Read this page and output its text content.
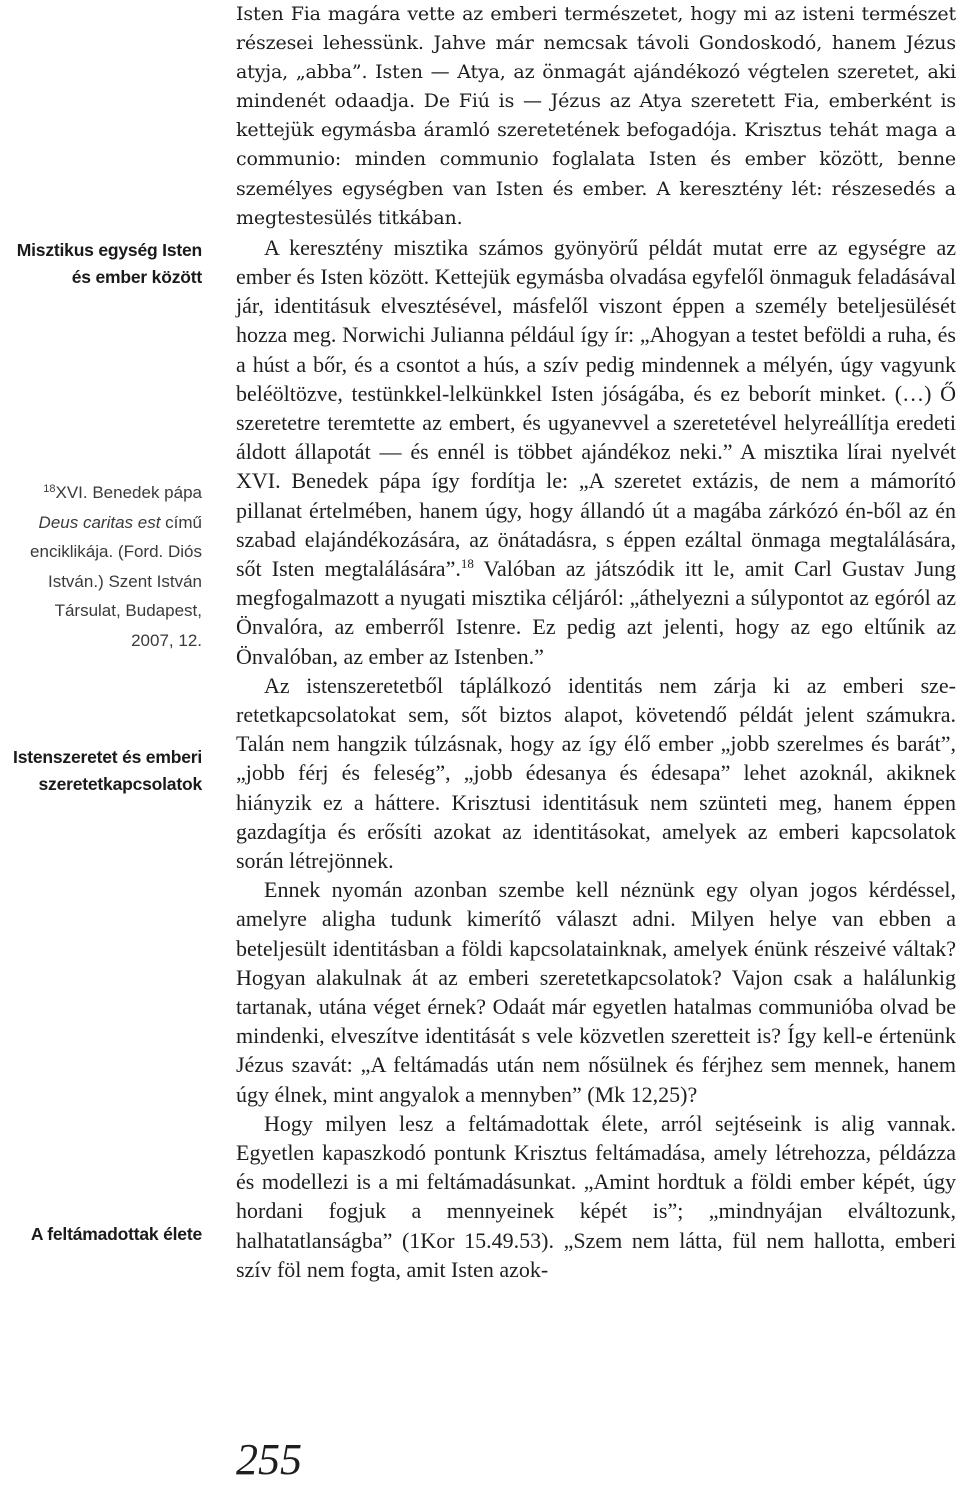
Misztikus egység Isten
és ember között
$^{18}$XVI. Benedek pápa
Deus caritas est című
enciklikája. (Ford. Diós
István.) Szent István
Társulat, Budapest,
2007, 12.
Istenszeretet és emberi
szeretetkapcsolatok
A feltámadottak élete

Isten Fia magára vette az emberi természetet, hogy mi az isteni természet részesei lehessünk. Jahve már nemcsak távoli Gondoskodó, hanem Jézus atyja, „abba”. Isten — Atya, az önmagát ajándékozó végtelen szeretet, aki mindenét odaadja. De Fiú is — Jézus az Atya szeretett Fia, emberként is kettejük egymásba áramló szeretetének befogadója. Krisztus tehát maga a communio: minden communio foglalata Isten és ember között, benne személyes egységben van Isten és ember. A keresztény lét: részesedés a megtestesülés titkában.

A keresztény misztika számos gyönyörű példát mutat erre az egységre az ember és Isten között. Kettejük egymásba olvadása egyfelől önmaguk feladásával jár, identitásuk elvesztésével, másfelől viszont éppen a személy beteljesülését hozza meg. Norwichi Julianna például így ír: „Ahogyan a testet beföldi a ruha, és a húst a bőr, és a csontot a hús, a szív pedig mindennek a mélyén, úgy vagyunk beléöltözve, testünkkel-lelkünkkel Isten jóságába, és ez beborít minket. (…) Ő szeretetre teremtette az embert, és ugyanevvel a szeretetével helyreállítja eredeti áldott állapotát — és ennél is többet ajándékoz neki.” A misztika lírai nyelvét XVI. Benedek pápa így fordítja le: „A szeretet extázis, de nem a mámorító pillanat értelmében, hanem úgy, hogy állandó út a magába zárkózó én-ből az én szabad elajándékozására, az önátadásra, s éppen ezáltal önmaga megtalálására, sőt Isten megtalálására”.$^{18}$ Valóban az játszódik itt le, amit Carl Gustav Jung megfogalmazott a nyugati misztika céljáról: „áthelyezni a súlypontot az egóról az Önvalóra, az emberről Istenre. Ez pedig azt jelenti, hogy az ego eltűnik az Önvalóban, az ember az Istenben.”

Az istenszeretetből táplálkozó identitás nem zárja ki az emberi szeretetkapcsolatokat sem, sőt biztos alapot, követendő példát jelent számukra. Talán nem hangzik túlzásnak, hogy az így élő ember „jobb szerelmes és barát”, „jobb férj és feleség”, „jobb édesanya és édesapa” lehet azoknál, akiknek hiányzik ez a háttere. Krisztusi identitásuk nem szünteti meg, hanem éppen gazdagítja és erősíti azokat az identitásokat, amelyek az emberi kapcsolatok során létrejönnek.

Ennek nyomán azonban szembe kell néznünk egy olyan jogos kérdéssel, amelyre aligha tudunk kimerítő választ adni. Milyen helye van ebben a beteljesült identitásban a földi kapcsolatainknak, amelyek énünk részeivé váltak? Hogyan alakulnak át az emberi szeretetkapcsolatok? Vajon csak a halálunkig tartanak, utána véget érnek? Odaát már egyetlen hatalmas communióba olvad be mindenki, elveszítve identitását s vele közvetlen szeretteit is? Így kell-e értenünk Jézus szavát: „A feltámadás után nem nősülnek és férjhez sem mennek, hanem úgy élnek, mint angyalok a mennyben” (Mk 12,25)?

Hogy milyen lesz a feltámadottak élete, arról sejtéseink is alig vannak. Egyetlen kapaszkodó pontunk Krisztus feltámadása, amely létrehozza, példázza és modellezi is a mi feltámadásunkat. „Amint hordtuk a földi ember képét, úgy hordani fogjuk a mennyeinek képét is”; „mindnyájan elváltozunk, halhatatlanságba” (1Kor 15.49.53). „Szem nem látta, fül nem hallotta, emberi szív föl nem fogta, amit Isten azok-

255
